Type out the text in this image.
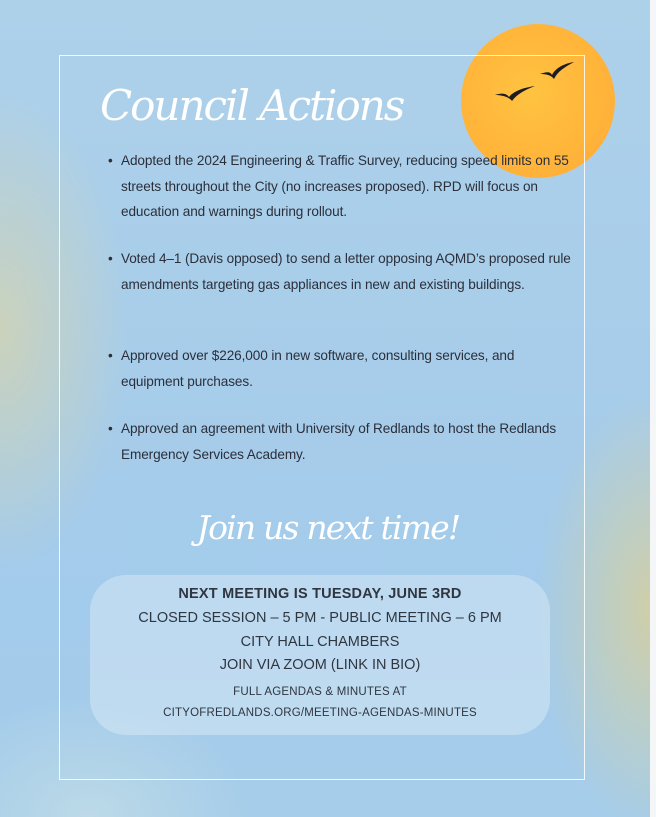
Council Actions
• Adopted the 2024 Engineering & Traffic Survey, reducing speed limits on 55 streets throughout the City (no increases proposed). RPD will focus on education and warnings during rollout.
• Voted 4–1 (Davis opposed) to send a letter opposing AQMD’s proposed rule amendments targeting gas appliances in new and existing buildings.
• Approved over $226,000 in new software, consulting services, and equipment purchases.
• Approved an agreement with University of Redlands to host the Redlands Emergency Services Academy.
Join us next time!
NEXT MEETING IS TUESDAY, JUNE 3RD
CLOSED SESSION – 5 PM - PUBLIC MEETING – 6 PM
CITY HALL CHAMBERS
JOIN VIA ZOOM (LINK IN BIO)
FULL AGENDAS & MINUTES AT
CITYOFREDLANDS.ORG/MEETING-AGENDAS-MINUTES
